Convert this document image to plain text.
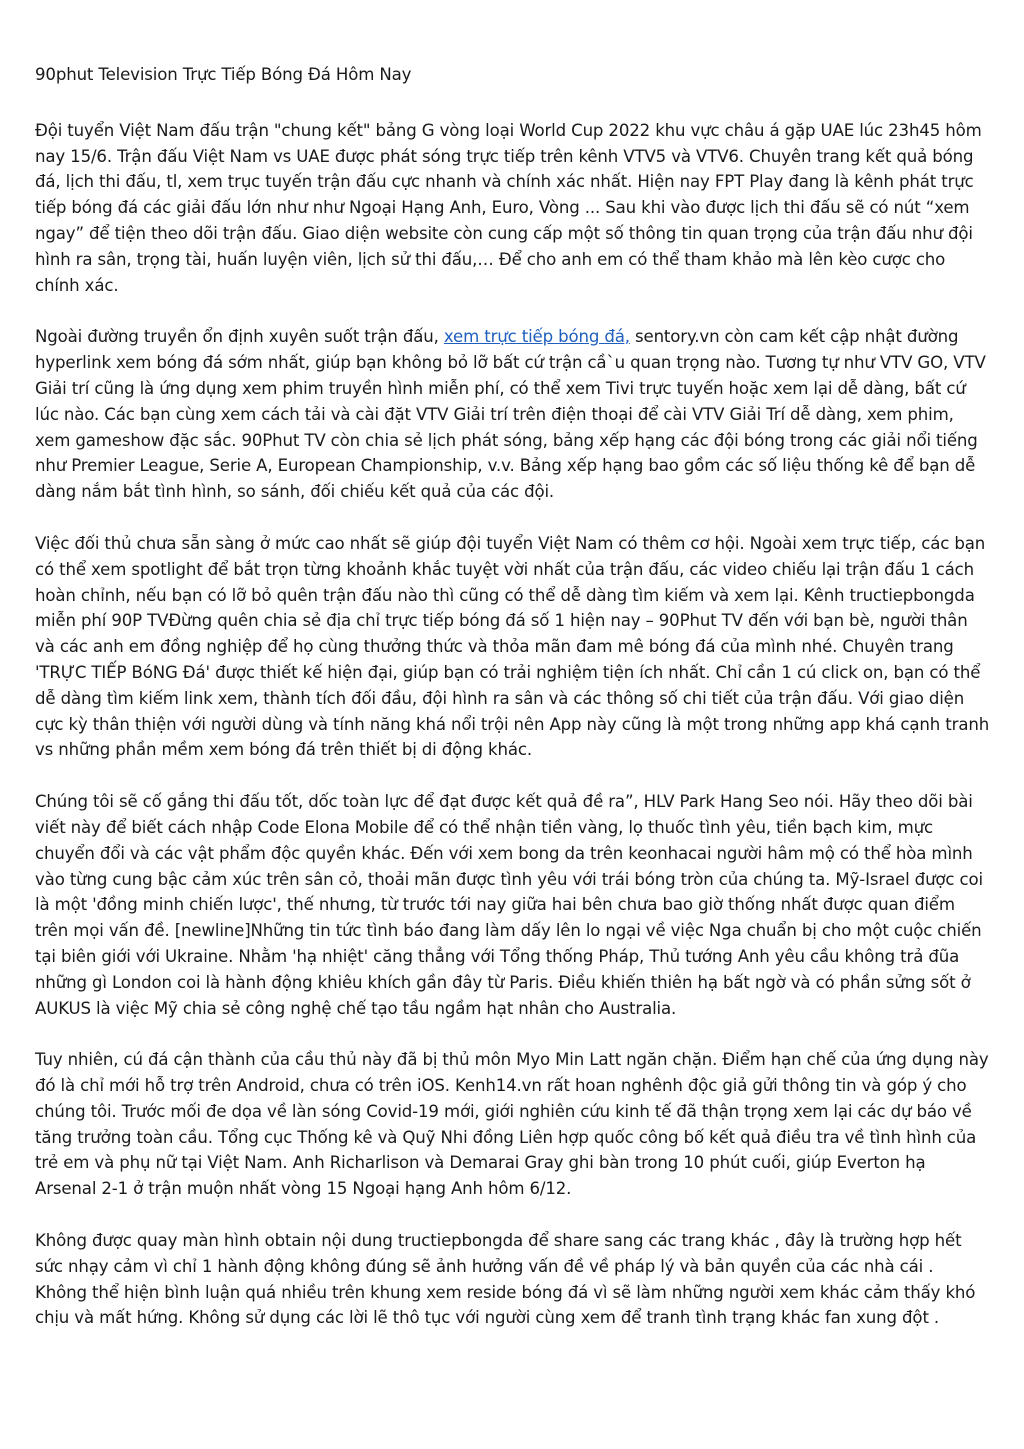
90phut Television Trực Tiếp Bóng Đá Hôm Nay

Đội tuyển Việt Nam đấu trận "chung kết" bảng G vòng loại World Cup 2022 khu vực châu á gặp UAE lúc 23h45 hôm nay 15/6. Trận đấu Việt Nam vs UAE được phát sóng trực tiếp trên kênh VTV5 và VTV6. Chuyên trang kết quả bóng đá, lịch thi đấu, tl, xem trục tuyến trận đấu cực nhanh và chính xác nhất. Hiện nay FPT Play đang là kênh phát trực tiếp bóng đá các giải đấu lớn như như Ngoại Hạng Anh, Euro, Vòng ... Sau khi vào được lịch thi đấu sẽ có nút “xem ngay” để tiện theo dõi trận đấu. Giao diện website còn cung cấp một số thông tin quan trọng của trận đấu như đội hình ra sân, trọng tài, huấn luyện viên, lịch sử thi đấu,… Để cho anh em có thể tham khảo mà lên kèo cược cho chính xác.

Ngoài đường truyền ổn định xuyên suốt trận đấu, xem trực tiếp bóng đá, sentory.vn còn cam kết cập nhật đường hyperlink xem bóng đá sớm nhất, giúp bạn không bỏ lỡ bất cứ trận cầ`u quan trọng nào. Tương tự như VTV GO, VTV Giải trí cũng là ứng dụng xem phim truyền hình miễn phí, có thể xem Tivi trực tuyến hoặc xem lại dễ dàng, bất cứ lúc nào. Các bạn cùng xem cách tải và cài đặt VTV Giải trí trên điện thoại để cài VTV Giải Trí dễ dàng, xem phim, xem gameshow đặc sắc. 90Phut TV còn chia sẻ lịch phát sóng, bảng xếp hạng các đội bóng trong các giải nổi tiếng như Premier League, Serie A, European Championship, v.v. Bảng xếp hạng bao gồm các số liệu thống kê để bạn dễ dàng nắm bắt tình hình, so sánh, đối chiếu kết quả của các đội.

Việc đối thủ chưa sẵn sàng ở mức cao nhất sẽ giúp đội tuyển Việt Nam có thêm cơ hội. Ngoài xem trực tiếp, các bạn có thể xem spotlight để bắt trọn từng khoảnh khắc tuyệt vời nhất của trận đấu, các video chiếu lại trận đấu 1 cách hoàn chỉnh, nếu bạn có lỡ bỏ quên trận đấu nào thì cũng có thể dễ dàng tìm kiếm và xem lại. Kênh tructiepbongda miễn phí 90P TVĐừng quên chia sẻ địa chỉ trực tiếp bóng đá số 1 hiện nay – 90Phut TV đến với bạn bè, người thân và các anh em đồng nghiệp để họ cùng thưởng thức và thỏa mãn đam mê bóng đá của mình nhé. Chuyên trang 'TRỰC TIẾP BóNG Đá' được thiết kế hiện đại, giúp bạn có trải nghiệm tiện ích nhất. Chỉ cần 1 cú click on, bạn có thể dễ dàng tìm kiếm link xem, thành tích đối đầu, đội hình ra sân và các thông số chi tiết của trận đấu. Với giao diện cực kỳ thân thiện với người dùng và tính năng khá nổi trội nên App này cũng là một trong những app khá cạnh tranh vs những phần mềm xem bóng đá trên thiết bị di động khác.

Chúng tôi sẽ cố gắng thi đấu tốt, dốc toàn lực để đạt được kết quả đề ra”, HLV Park Hang Seo nói. Hãy theo dõi bài viết này để biết cách nhập Code Elona Mobile để có thể nhận tiền vàng, lọ thuốc tình yêu, tiền bạch kim, mực chuyển đổi và các vật phẩm độc quyền khác. Đến với xem bong da trên keonhacai người hâm mộ có thể hòa mình vào từng cung bậc cảm xúc trên sân cỏ, thoải mãn được tình yêu với trái bóng tròn của chúng ta. Mỹ-Israel được coi là một 'đồng minh chiến lược', thế nhưng, từ trước tới nay giữa hai bên chưa bao giờ thống nhất được quan điểm trên mọi vấn đề. [newline]Những tin tức tình báo đang làm dấy lên lo ngại về việc Nga chuẩn bị cho một cuộc chiến tại biên giới với Ukraine. Nhằm 'hạ nhiệt' căng thẳng với Tổng thống Pháp, Thủ tướng Anh yêu cầu không trả đũa những gì London coi là hành động khiêu khích gần đây từ Paris. Điều khiến thiên hạ bất ngờ và có phần sửng sốt ở AUKUS là việc Mỹ chia sẻ công nghệ chế tạo tầu ngầm hạt nhân cho Australia.

Tuy nhiên, cú đá cận thành của cầu thủ này đã bị thủ môn Myo Min Latt ngăn chặn. Điểm hạn chế của ứng dụng này đó là chỉ mới hỗ trợ trên Android, chưa có trên iOS. Kenh14.vn rất hoan nghênh độc giả gửi thông tin và góp ý cho chúng tôi. Trước mối đe dọa về làn sóng Covid-19 mới, giới nghiên cứu kinh tế đã thận trọng xem lại các dự báo về tăng trưởng toàn cầu. Tổng cục Thống kê và Quỹ Nhi đồng Liên hợp quốc công bố kết quả điều tra về tình hình của trẻ em và phụ nữ tại Việt Nam. Anh Richarlison và Demarai Gray ghi bàn trong 10 phút cuối, giúp Everton hạ Arsenal 2-1 ở trận muộn nhất vòng 15 Ngoại hạng Anh hôm 6/12.

Không được quay màn hình obtain nội dung tructiepbongda để share sang các trang khác , đây là trường hợp hết sức nhạy cảm vì chỉ 1 hành động không đúng sẽ ảnh hưởng vấn đề về pháp lý và bản quyền của các nhà cái . Không thể hiện bình luận quá nhiều trên khung xem reside bóng đá vì sẽ làm những người xem khác cảm thấy khó chịu và mất hứng. Không sử dụng các lời lẽ thô tục với người cùng xem để tranh tình trạng khác fan xung đột .
